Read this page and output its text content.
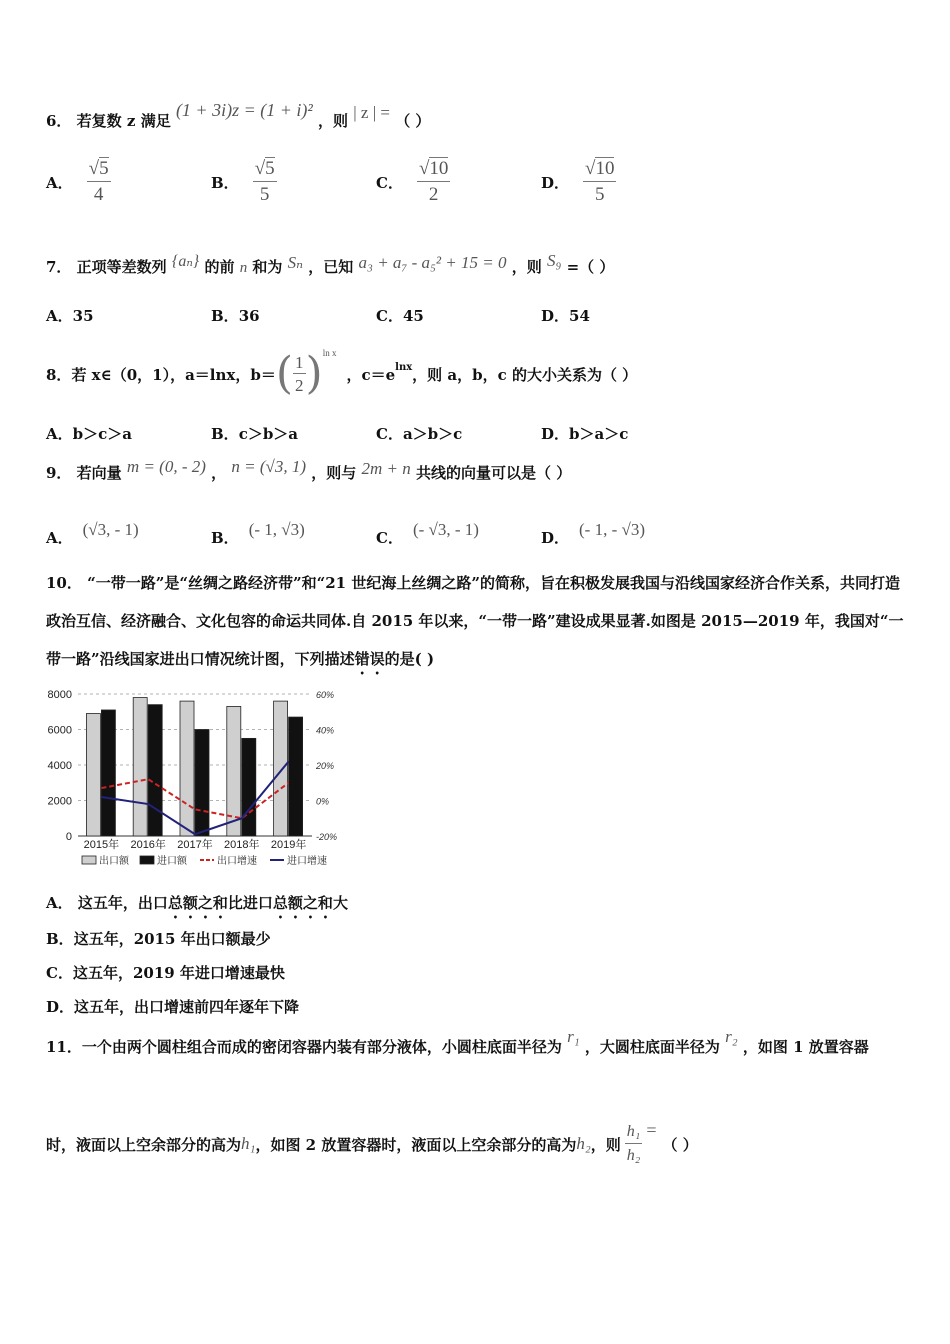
6． 若复数 z 满足 (1 + 3i)z = (1 + i)² ，则 | z | = （ ）
A． $\frac{√5}{4}$	B． $\frac{√5}{5}$	C． $\frac{√10}{2}$	D． $\frac{√10}{5}$
7． 正项等差数列 {aₙ} 的前 n 和为 Sₙ ，已知 a₃ + a₇ - a₅² + 15 = 0 ，则 S₉ =（ ）
A．35	B．36	C．45	D．54
8． 若 x∈（0，1），a＝lnx，b＝ ( $\frac{1}{2}$ ) ln x
，$c=e^{lnx}$ ，则 a，b，c 的大小关系为（ ）
A．b＞c＞a	B．c＞b＞a	C．a＞b＞c	D．b＞a＞c
9． 若向量 m = (0, - 2) ， n = (√3, 1) ，则与 2m + n 共线的向量可以是（ ）
A． (√3, - 1)	B． (- 1, √3)	C． (- √3, - 1)	D． (- 1, - √3)
10． “一带一路”是“丝绸之路经济带”和“21 世纪海上丝绸之路”的简称，旨在积极发展我国与沿线国家经济合作关系，共同打造政治互信、经济融合、文化包容的命运共同体.自 2015 年以来，“一带一路”建设成果显著.如图是 2015—2019 年，我国对“一带一路”沿线国家进出口情况统计图，下列描述错误的是( )
0
2000
4000
6000
8000
-20%
0%
20%
40%
60%
2015年 2016年 2017年 2018年 2019年
出口额	进口额	出口增速	进口增速
A． 这五年，出口总额之和比进口总额之和大
B．这五年，2015 年出口额最少
C．这五年，2019 年进口增速最快
D．这五年，出口增速前四年逐年下降
11．一个由两个圆柱组合而成的密闭容器内装有部分液体，小圆柱底面半径为 r₁ ，大圆柱底面半径为 r₂ ，如图 1 放置容器
时，液面以上空余部分的高为 h₁ ，如图 2 放置容器时，液面以上空余部分的高为 h₂ ，则 $\frac{\text{h₁}}{\text{h₂}}$ =
（ ）
